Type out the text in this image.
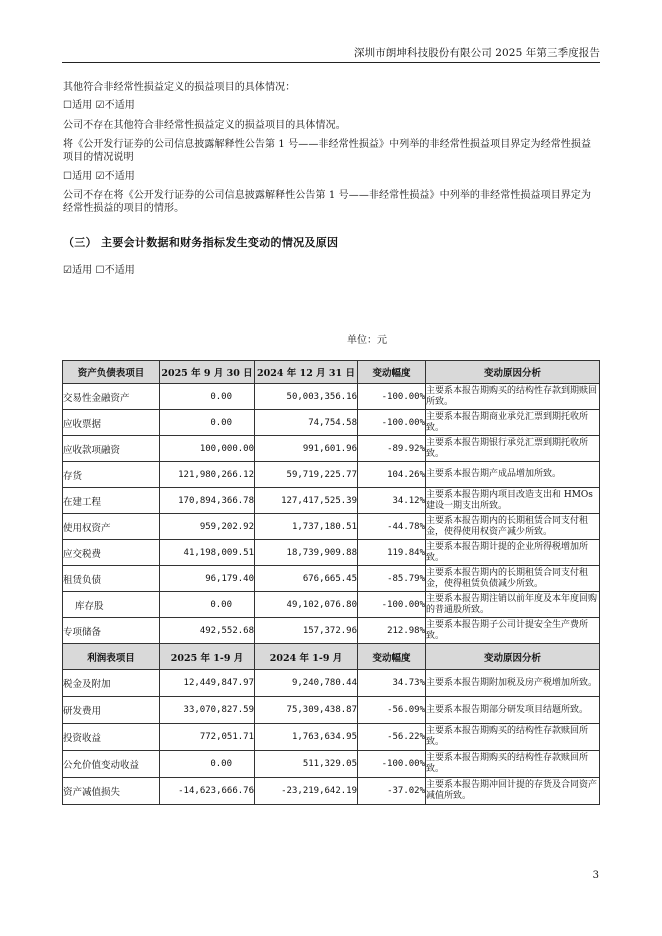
深圳市朗坤科技股份有限公司 2025 年第三季度报告
其他符合非经常性损益定义的损益项目的具体情况：
☐适用 ☑不适用
公司不存在其他符合非经常性损益定义的损益项目的具体情况。
将《公开发行证券的公司信息披露解释性公告第 1 号——非经常性损益》中列举的非经常性损益项目界定为经常性损益项目的情况说明
☐适用 ☑不适用
公司不存在将《公开发行证券的公司信息披露解释性公告第 1 号——非经常性损益》中列举的非经常性损益项目界定为经常性损益的项目的情形。
（三） 主要会计数据和财务指标发生变动的情况及原因
☑适用 ☐不适用
单位：元
资产负债表项目	2025 年 9 月 30 日	2024 年 12 月 31 日	变动幅度	变动原因分析
交易性金融资产	0.00	50,003,356.16	-100.00%	主要系本报告期购买的结构性存款到期赎回所致。
应收票据	0.00	74,754.58	-100.00%	主要系本报告期商业承兑汇票到期托收所致。
应收款项融资	100,000.00	991,601.96	-89.92%	主要系本报告期银行承兑汇票到期托收所致。
存货	121,980,266.12	59,719,225.77	104.26%	主要系本报告期产成品增加所致。
在建工程	170,894,366.78	127,417,525.39	34.12%	主要系本报告期内项目改造支出和 HMOs 建设一期支出所致。
使用权资产	959,202.92	1,737,180.51	-44.78%	主要系本报告期内的长期租赁合同支付租金，使得使用权资产减少所致。
应交税费	41,198,009.51	18,739,909.88	119.84%	主要系本报告期计提的企业所得税增加所致。
租赁负债	96,179.40	676,665.45	-85.79%	主要系本报告期内的长期租赁合同支付租金，使得租赁负债减少所致。
库存股	0.00	49,102,076.80	-100.00%	主要系本报告期注销以前年度及本年度回购的普通股所致。
专项储备	492,552.68	157,372.96	212.98%	主要系本报告期子公司计提安全生产费所致。
利润表项目	2025 年 1-9 月	2024 年 1-9 月	变动幅度	变动原因分析
税金及附加	12,449,847.97	9,240,780.44	34.73%	主要系本报告期附加税及房产税增加所致。
研发费用	33,070,827.59	75,309,438.87	-56.09%	主要系本报告期部分研发项目结题所致。
投资收益	772,051.71	1,763,634.95	-56.22%	主要系本报告期购买的结构性存款赎回所致。
公允价值变动收益	0.00	511,329.05	-100.00%	主要系本报告期购买的结构性存款赎回所致。
资产减值损失	-14,623,666.76	-23,219,642.19	-37.02%	主要系本报告期冲回计提的存货及合同资产减值所致。
3
